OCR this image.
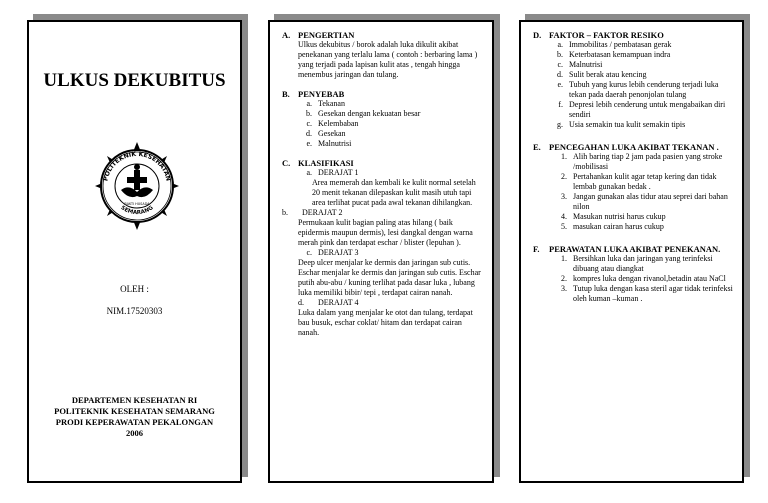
ULKUS DEKUBITUS
POLITEKNIK KESEHATAN
SEMARANG
BAKTI HUSADA
OLEH :
NIM.17520303
DEPARTEMEN KESEHATAN RI
POLITEKNIK KESEHATAN SEMARANG
PRODI KEPERAWATAN PEKALONGAN
2006
A. PENGERTIAN
Ulkus dekubitus / borok adalah luka dikulit akibat penekanan yang terlalu lama ( contoh : berbaring lama ) yang terjadi pada lapisan kulit atas , tengah hingga menembus jaringan dan tulang.
B. PENYEBAB
a. Tekanan
b. Gesekan dengan kekuatan besar
c. Kelembaban
d. Gesekan
e. Malnutrisi
C. KLASIFIKASI
a. DERAJAT 1
Area memerah dan kembali ke kulit normal setelah 20 menit tekanan dilepaskan kulit masih utuh tapi area terlihat pucat pada awal tekanan dihilangkan.
b.	DERAJAT 2
Permukaan kulit bagian paling atas hilang ( baik epidermis maupun dermis), lesi dangkal dengan warna merah pink dan terdapat eschar / blister (lepuhan ).
c. DERAJAT 3
Deep ulcer menjalar ke dermis dan jaringan sub cutis. Eschar menjalar ke dermis dan jaringan sub cutis. Eschar putih abu-abu / kuning terlihat pada dasar luka , lubang luka memiliki bibir/ tepi , terdapat cairan nanah.
d.	DERAJAT 4
Luka dalam yang menjalar ke otot dan tulang, terdapat bau busuk, eschar coklat/ hitam dan terdapat cairan nanah.
D. FAKTOR – FAKTOR RESIKO
a. Immobilitas / pembatasan gerak
b. Keterbatasan kemampuan indra
c. Malnutrisi
d. Sulit berak atau kencing
e. Tubuh yang kurus lebih cenderung terjadi luka tekan pada daerah penonjolan tulang
f. Depresi lebih cenderung untuk mengabaikan diri sendiri
g. Usia semakin tua kulit semakin tipis
E. PENCEGAHAN LUKA AKIBAT TEKANAN .
1. Alih baring tiap 2 jam pada pasien yang stroke /mobilisasi
2. Pertahankan kulit agar tetap kering dan tidak lembab gunakan bedak .
3. Jangan gunakan alas tidur atau seprei dari bahan nilon
4. Masukan nutrisi harus cukup
5. masukan cairan harus cukup
F.	PERAWATAN LUKA AKIBAT PENEKANAN.
1. Bersihkan luka dan jaringan yang terinfeksi dibuang atau diangkat
2. kompres luka dengan rivanol,betadin atau NaCl
3. Tutup luka dengan kasa steril agar tidak terinfeksi oleh kuman –kuman .
